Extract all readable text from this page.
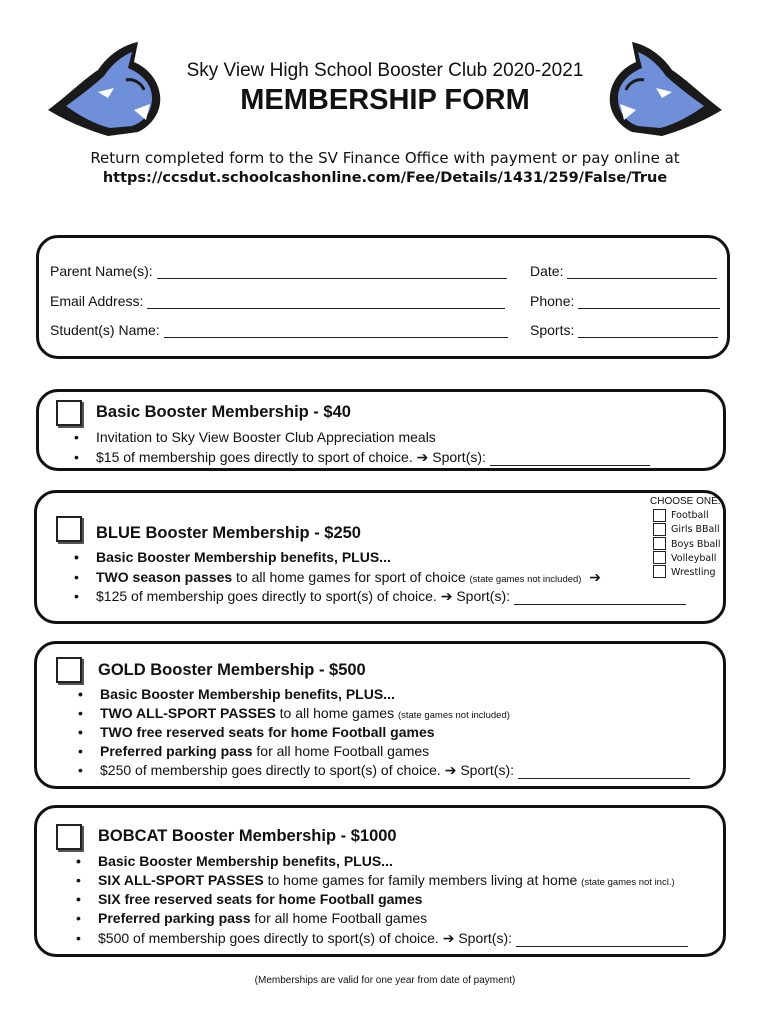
Sky View High School Booster Club 2020-2021
MEMBERSHIP FORM
Return completed form to the SV Finance Office with payment or pay online at
https://ccsdut.schoolcashonline.com/Fee/Details/1431/259/False/True
Parent Name(s):	Date:
Email Address:	Phone:
Student(s) Name:	Sports:
Basic Booster Membership - $40
• Invitation to Sky View Booster Club Appreciation meals
• $15 of membership goes directly to sport of choice. ➔ Sport(s):
BLUE Booster Membership - $250
• Basic Booster Membership benefits, PLUS...
• TWO season passes to all home games for sport of choice (state games not included) ➔
• $125 of membership goes directly to sport(s) of choice. ➔ Sport(s):
CHOOSE ONE:
Football
Girls BBall
Boys Bball
Volleyball
Wrestling
GOLD Booster Membership - $500
• Basic Booster Membership benefits, PLUS...
• TWO ALL-SPORT PASSES to all home games (state games not included)
• TWO free reserved seats for home Football games
• Preferred parking pass for all home Football games
• $250 of membership goes directly to sport(s) of choice. ➔ Sport(s):
BOBCAT Booster Membership - $1000
• Basic Booster Membership benefits, PLUS...
• SIX ALL-SPORT PASSES to home games for family members living at home (state games not incl.)
• SIX free reserved seats for home Football games
• Preferred parking pass for all home Football games
• $500 of membership goes directly to sport(s) of choice. ➔ Sport(s):
(Memberships are valid for one year from date of payment)
